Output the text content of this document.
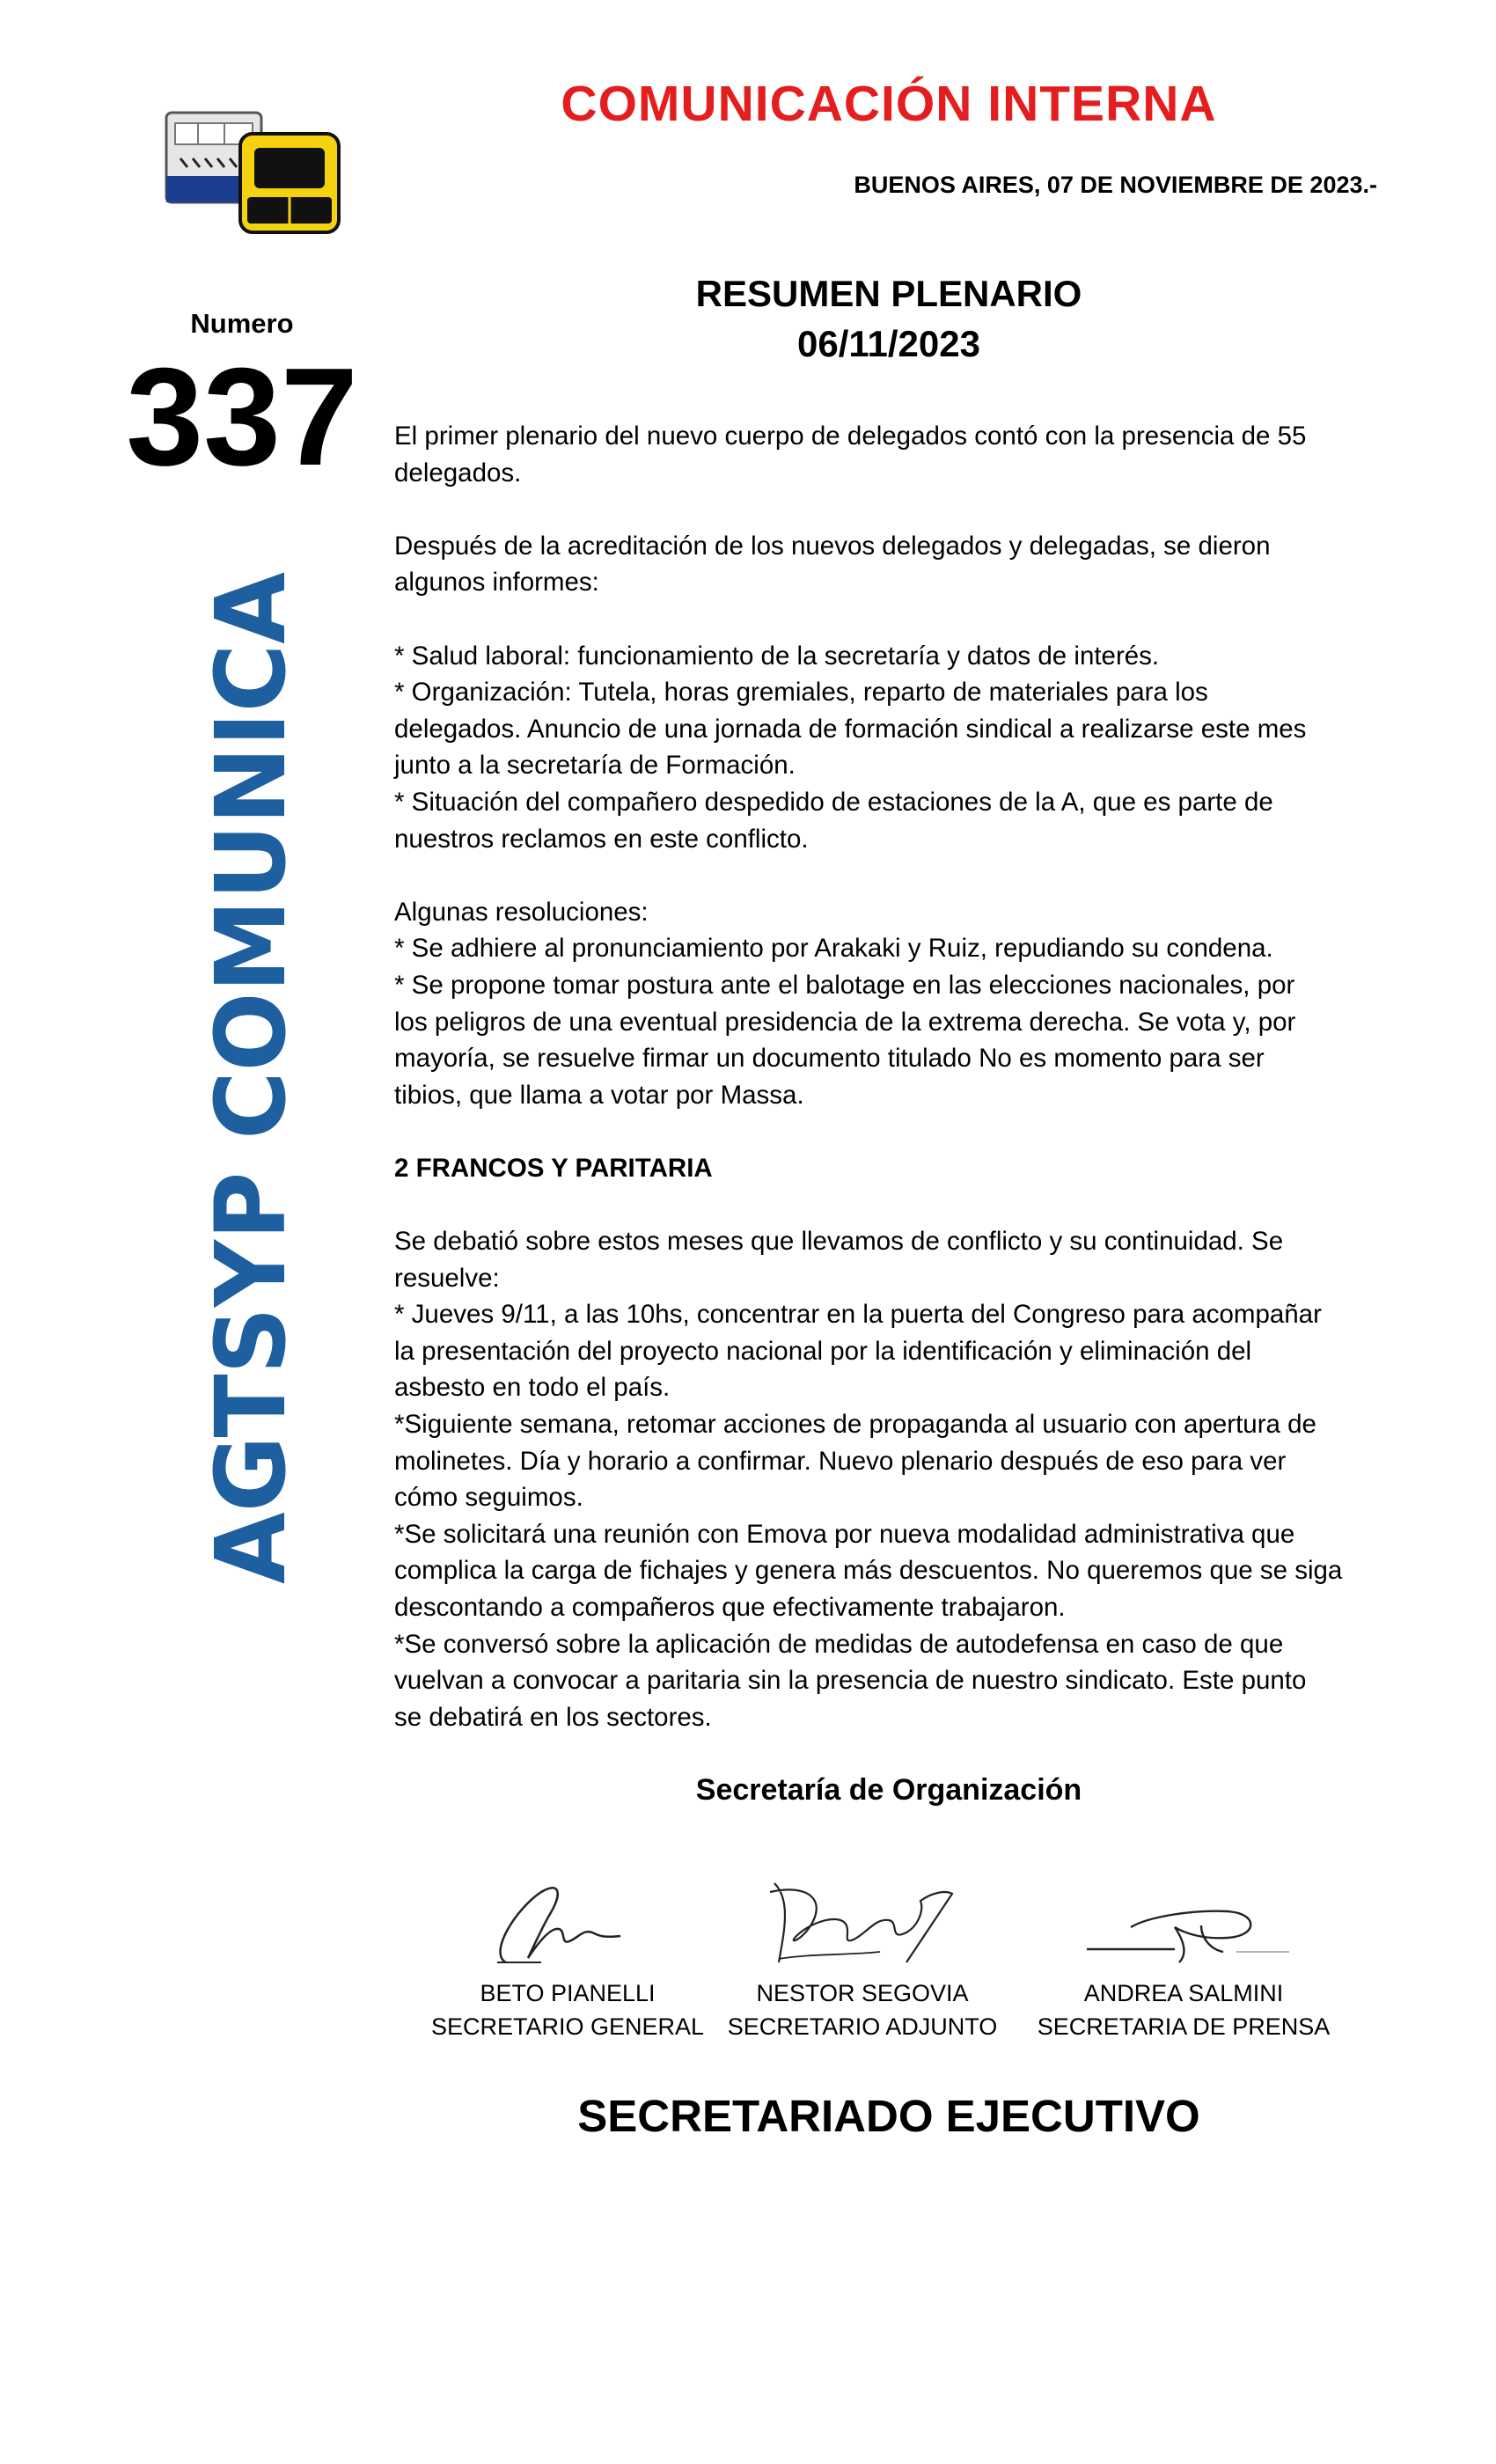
COMUNICACIÓN INTERNA
BUENOS AIRES, 07 DE NOVIEMBRE DE 2023.-
Numero
337
AGTSYP COMUNICA
RESUMEN PLENARIO
06/11/2023

El primer plenario del nuevo cuerpo de delegados contó con la presencia de 55
delegados.

Después de la acreditación de los nuevos delegados y delegadas, se dieron
algunos informes:

* Salud laboral: funcionamiento de la secretaría y datos de interés.
* Organización: Tutela, horas gremiales, reparto de materiales para los
delegados. Anuncio de una jornada de formación sindical a realizarse este mes
junto a la secretaría de Formación.
* Situación del compañero despedido de estaciones de la A, que es parte de
nuestros reclamos en este conflicto.

Algunas resoluciones:
* Se adhiere al pronunciamiento por Arakaki y Ruiz, repudiando su condena.
* Se propone tomar postura ante el balotage en las elecciones nacionales, por
los peligros de una eventual presidencia de la extrema derecha. Se vota y, por
mayoría, se resuelve firmar un documento titulado No es momento para ser
tibios, que llama a votar por Massa.

2 FRANCOS Y PARITARIA

Se debatió sobre estos meses que llevamos de conflicto y su continuidad. Se
resuelve:
* Jueves 9/11, a las 10hs, concentrar en la puerta del Congreso para acompañar
la presentación del proyecto nacional por la identificación y eliminación del
asbesto en todo el país.
*Siguiente semana, retomar acciones de propaganda al usuario con apertura de
molinetes. Día y horario a confirmar. Nuevo plenario después de eso para ver
cómo seguimos.
*Se solicitará una reunión con Emova por nueva modalidad administrativa que
complica la carga de fichajes y genera más descuentos. No queremos que se siga
descontando a compañeros que efectivamente trabajaron.
*Se conversó sobre la aplicación de medidas de autodefensa en caso de que
vuelvan a convocar a paritaria sin la presencia de nuestro sindicato. Este punto
se debatirá en los sectores.

Secretaría de Organización
BETO PIANELLI
SECRETARIO GENERAL
NESTOR SEGOVIA
SECRETARIO ADJUNTO
ANDREA SALMINI
SECRETARIA DE PRENSA
SECRETARIADO EJECUTIVO
